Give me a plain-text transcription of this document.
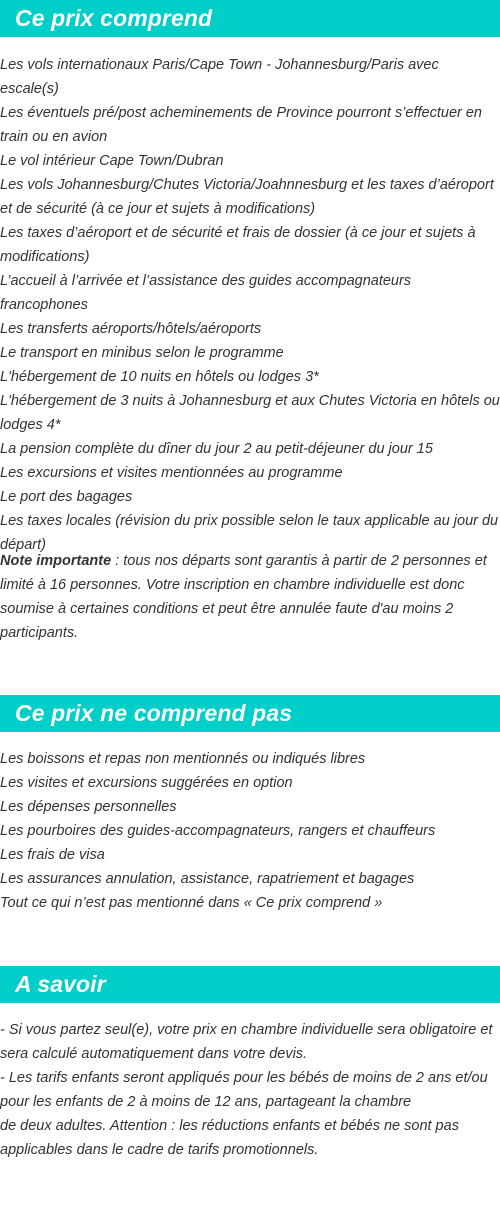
Ce prix comprend
Les vols internationaux Paris/Cape Town - Johannesburg/Paris avec escale(s)
Les éventuels pré/post acheminements de Province pourront s’effectuer en train ou en avion
Le vol intérieur Cape Town/Dubran
Les vols Johannesburg/Chutes Victoria/Joahnnesburg et les taxes d’aéroport et de sécurité (à ce jour et sujets à modifications)
Les taxes d’aéroport et de sécurité et frais de dossier (à ce jour et sujets à modifications)
L’accueil à l’arrivée et l’assistance des guides accompagnateurs francophones
Les transferts aéroports/hôtels/aéroports
Le transport en minibus selon le programme
L'hébergement de 10 nuits en hôtels ou lodges 3*
L'hébergement de 3 nuits à Johannesburg et aux Chutes Victoria en hôtels ou lodges 4*
La pension complète du dîner du jour 2 au petit-déjeuner du jour 15
Les excursions et visites mentionnées au programme
Le port des bagages
Les taxes locales (révision du prix possible selon le taux applicable au jour du départ)

Note importante : tous nos départs sont garantis à partir de 2 personnes et limité à 16 personnes. Votre inscription en chambre individuelle est donc soumise à certaines conditions et peut être annulée faute d'au moins 2 participants.

Ce prix ne comprend pas
Les boissons et repas non mentionnés ou indiqués libres
Les visites et excursions suggérées en option
Les dépenses personnelles
Les pourboires des guides-accompagnateurs, rangers et chauffeurs
Les frais de visa
Les assurances annulation, assistance, rapatriement et bagages
Tout ce qui n’est pas mentionné dans « Ce prix comprend »
A savoir
- Si vous partez seul(e), votre prix en chambre individuelle sera obligatoire et sera calculé automatiquement dans votre devis.
- Les tarifs enfants seront appliqués pour les bébés de moins de 2 ans et/ou pour les enfants de 2 à moins de 12 ans, partageant la chambre
de deux adultes. Attention : les réductions enfants et bébés ne sont pas applicables dans le cadre de tarifs promotionnels.
